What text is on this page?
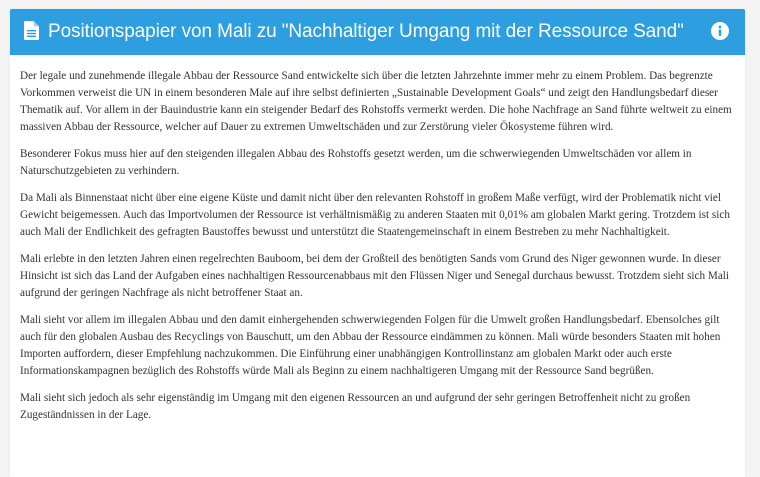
Positionspapier von Mali zu "Nachhaltiger Umgang mit der Ressource Sand"

Der legale und zunehmende illegale Abbau der Ressource Sand entwickelte sich über die letzten Jahrzehnte immer mehr zu einem Problem. Das begrenzte Vorkommen verweist die UN in einem besonderen Male auf ihre selbst definierten „Sustainable Development Goals“ und zeigt den Handlungsbedarf dieser Thematik auf. Vor allem in der Bauindustrie kann ein steigender Bedarf des Rohstoffs vermerkt werden. Die hohe Nachfrage an Sand führte weltweit zu einem massiven Abbau der Ressource, welcher auf Dauer zu extremen Umweltschäden und zur Zerstörung vieler Ökosysteme führen wird.

Besonderer Fokus muss hier auf den steigenden illegalen Abbau des Rohstoffs gesetzt werden, um die schwerwiegenden Umweltschäden vor allem in Naturschutzgebieten zu verhindern.

Da Mali als Binnenstaat nicht über eine eigene Küste und damit nicht über den relevanten Rohstoff in großem Maße verfügt, wird der Problematik nicht viel Gewicht beigemessen. Auch das Importvolumen der Ressource ist verhältnismäßig zu anderen Staaten mit 0,01% am globalen Markt gering. Trotzdem ist sich auch Mali der Endlichkeit des gefragten Baustoffes bewusst und unterstützt die Staatengemeinschaft in einem Bestreben zu mehr Nachhaltigkeit.

Mali erlebte in den letzten Jahren einen regelrechten Bauboom, bei dem der Großteil des benötigten Sands vom Grund des Niger gewonnen wurde. In dieser Hinsicht ist sich das Land der Aufgaben eines nachhaltigen Ressourcenabbaus mit den Flüssen Niger und Senegal durchaus bewusst. Trotzdem sieht sich Mali aufgrund der geringen Nachfrage als nicht betroffener Staat an.

Mali sieht vor allem im illegalen Abbau und den damit einhergehenden schwerwiegenden Folgen für die Umwelt großen Handlungsbedarf. Ebensolches gilt auch für den globalen Ausbau des Recyclings von Bauschutt, um den Abbau der Ressource eindämmen zu können. Mali würde besonders Staaten mit hohen Importen auffordern, dieser Empfehlung nachzukommen. Die Einführung einer unabhängigen Kontrollinstanz am globalen Markt oder auch erste Informationskampagnen bezüglich des Rohstoffs würde Mali als Beginn zu einem nachhaltigeren Umgang mit der Ressource Sand begrüßen.

Mali sieht sich jedoch als sehr eigenständig im Umgang mit den eigenen Ressourcen an und aufgrund der sehr geringen Betroffenheit nicht zu großen Zugeständnissen in der Lage.
